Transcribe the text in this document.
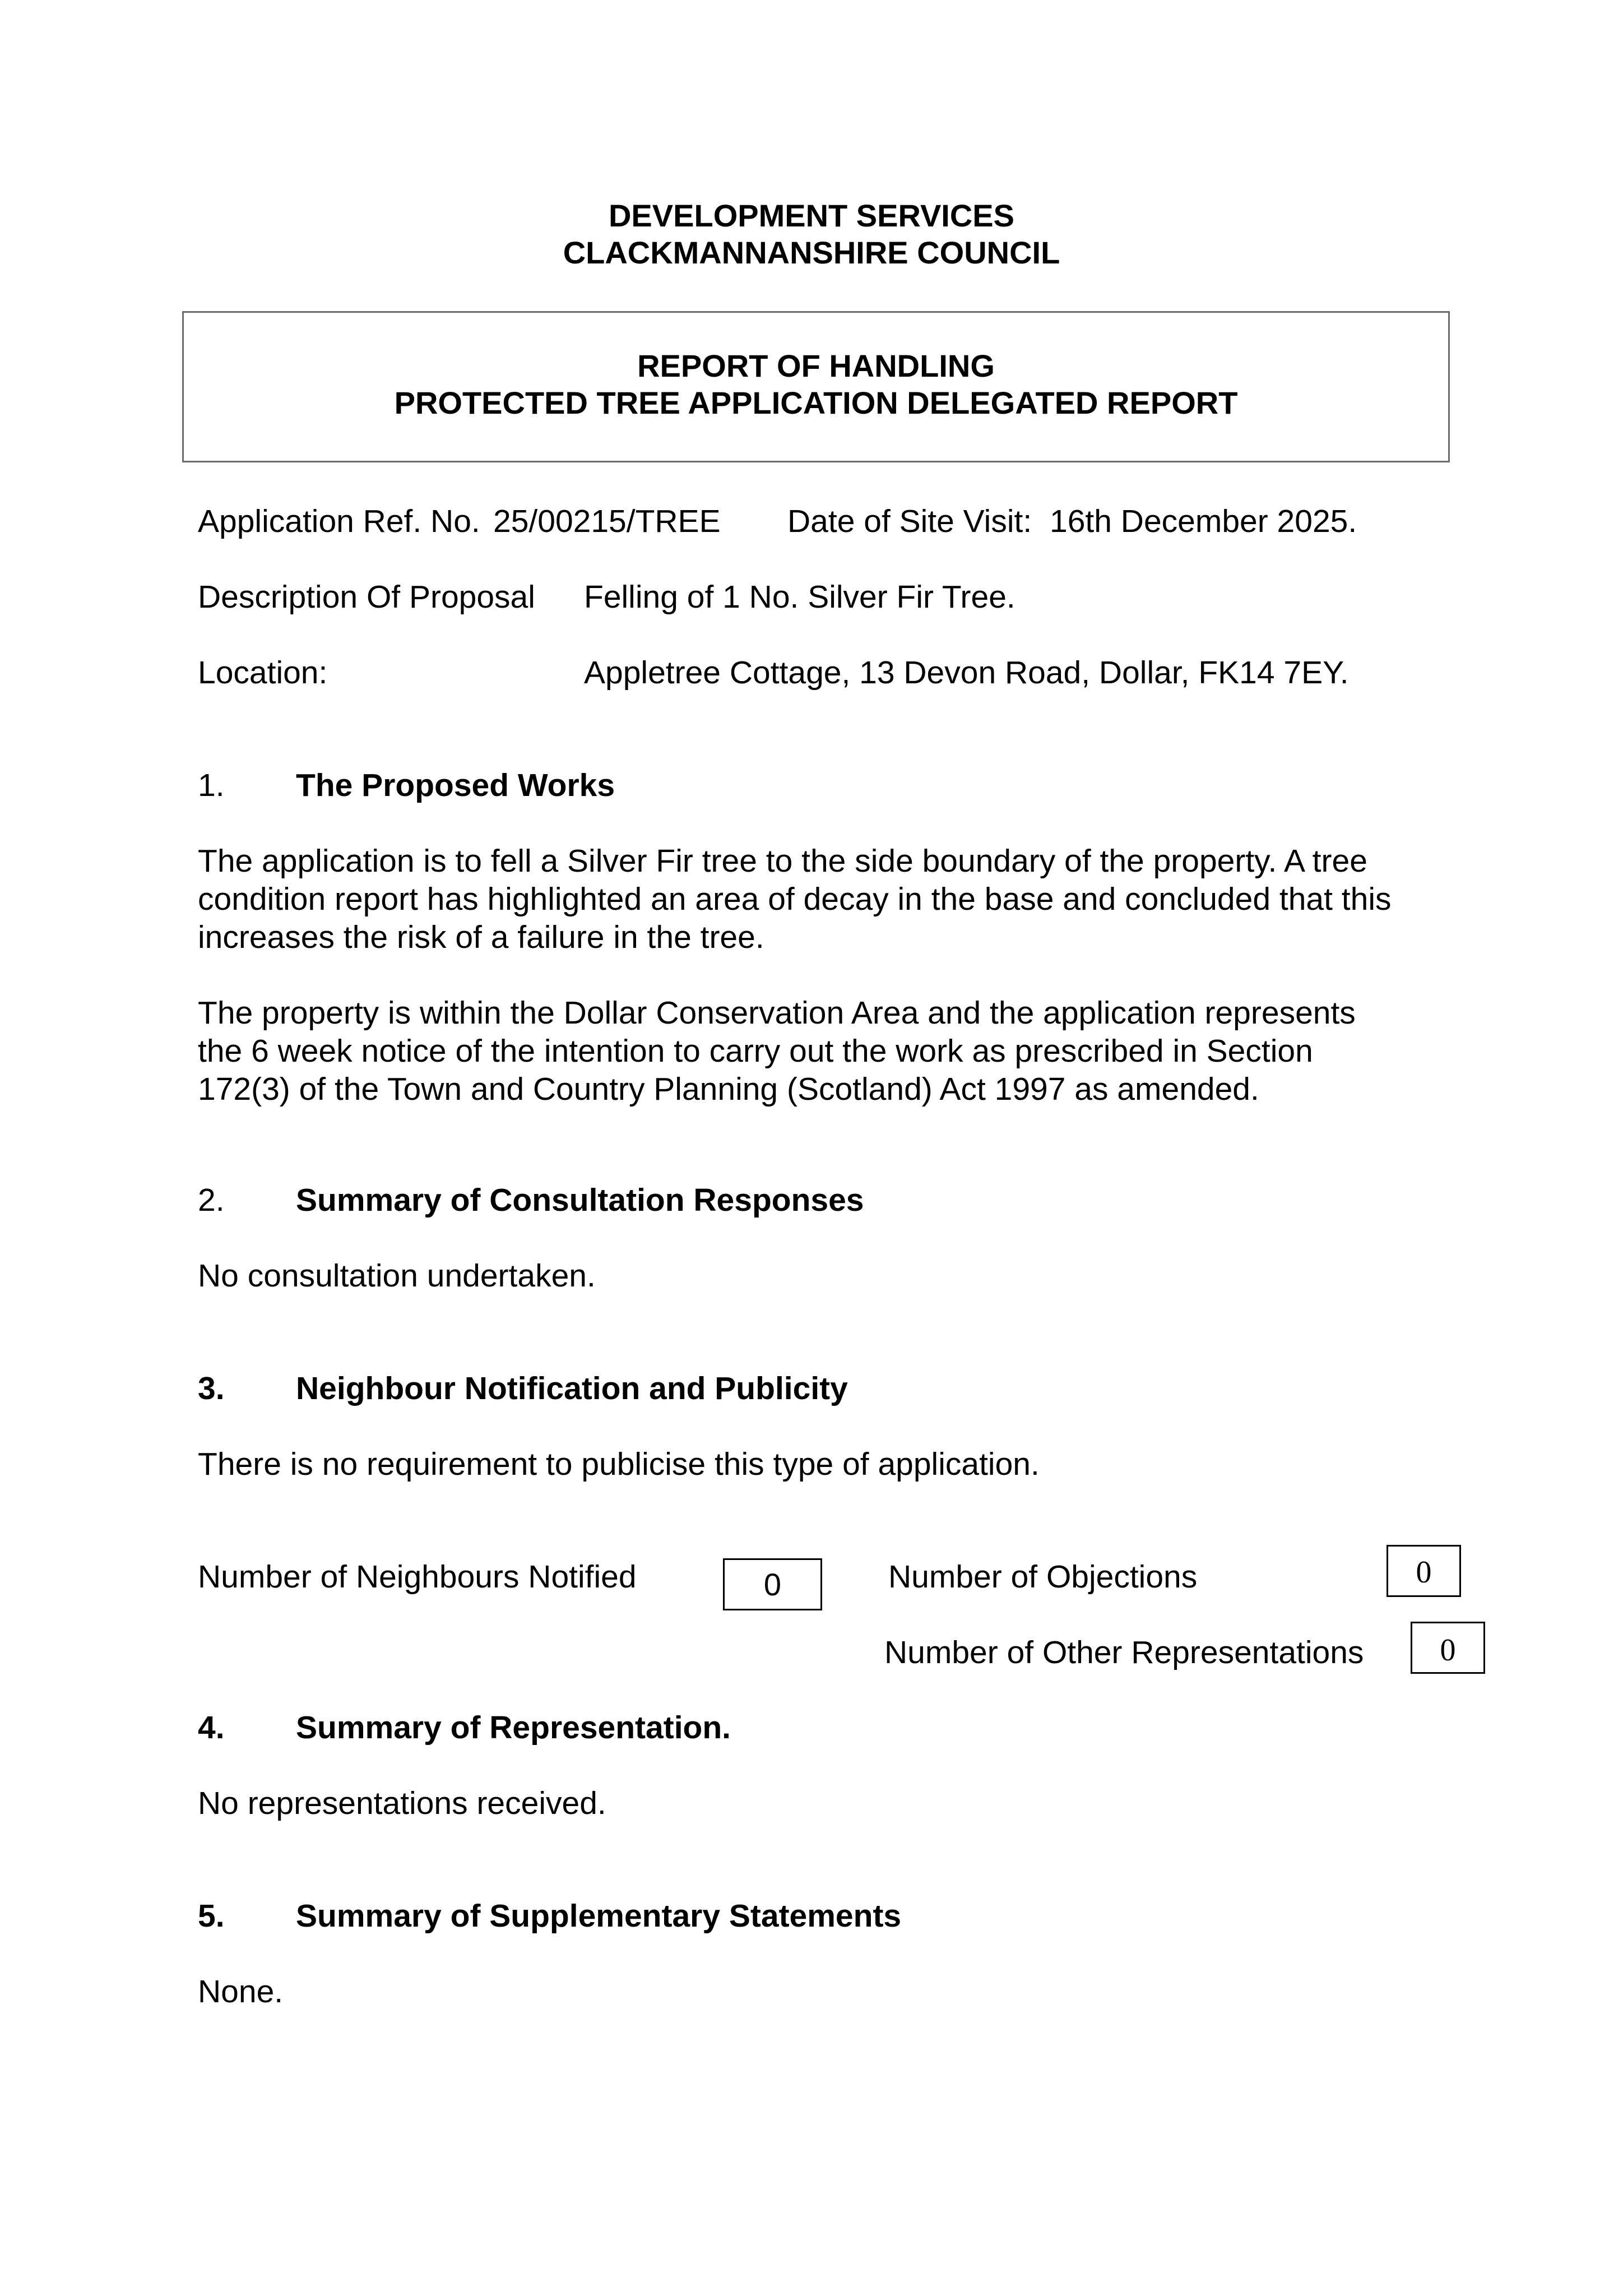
DEVELOPMENT SERVICES
CLACKMANNANSHIRE COUNCIL
REPORT OF HANDLING
PROTECTED TREE APPLICATION DELEGATED REPORT
Application Ref. No. 25/00215/TREE Date of Site Visit: 16th December 2025.
Description Of Proposal Felling of 1 No. Silver Fir Tree.
Location:	Appletree Cottage, 13 Devon Road, Dollar, FK14 7EY.
1. The Proposed Works
The application is to fell a Silver Fir tree to the side boundary of the property. A tree
condition report has highlighted an area of decay in the base and concluded that this
increases the risk of a failure in the tree.
The property is within the Dollar Conservation Area and the application represents
the 6 week notice of the intention to carry out the work as prescribed in Section
172(3) of the Town and Country Planning (Scotland) Act 1997 as amended.
2. Summary of Consultation Responses
No consultation undertaken.
3. Neighbour Notification and Publicity
There is no requirement to publicise this type of application.
Number of Neighbours Notified	0	Number of Objections	0
Number of Other Representations	0
4. Summary of Representation.
No representations received.
5. Summary of Supplementary Statements
None.
